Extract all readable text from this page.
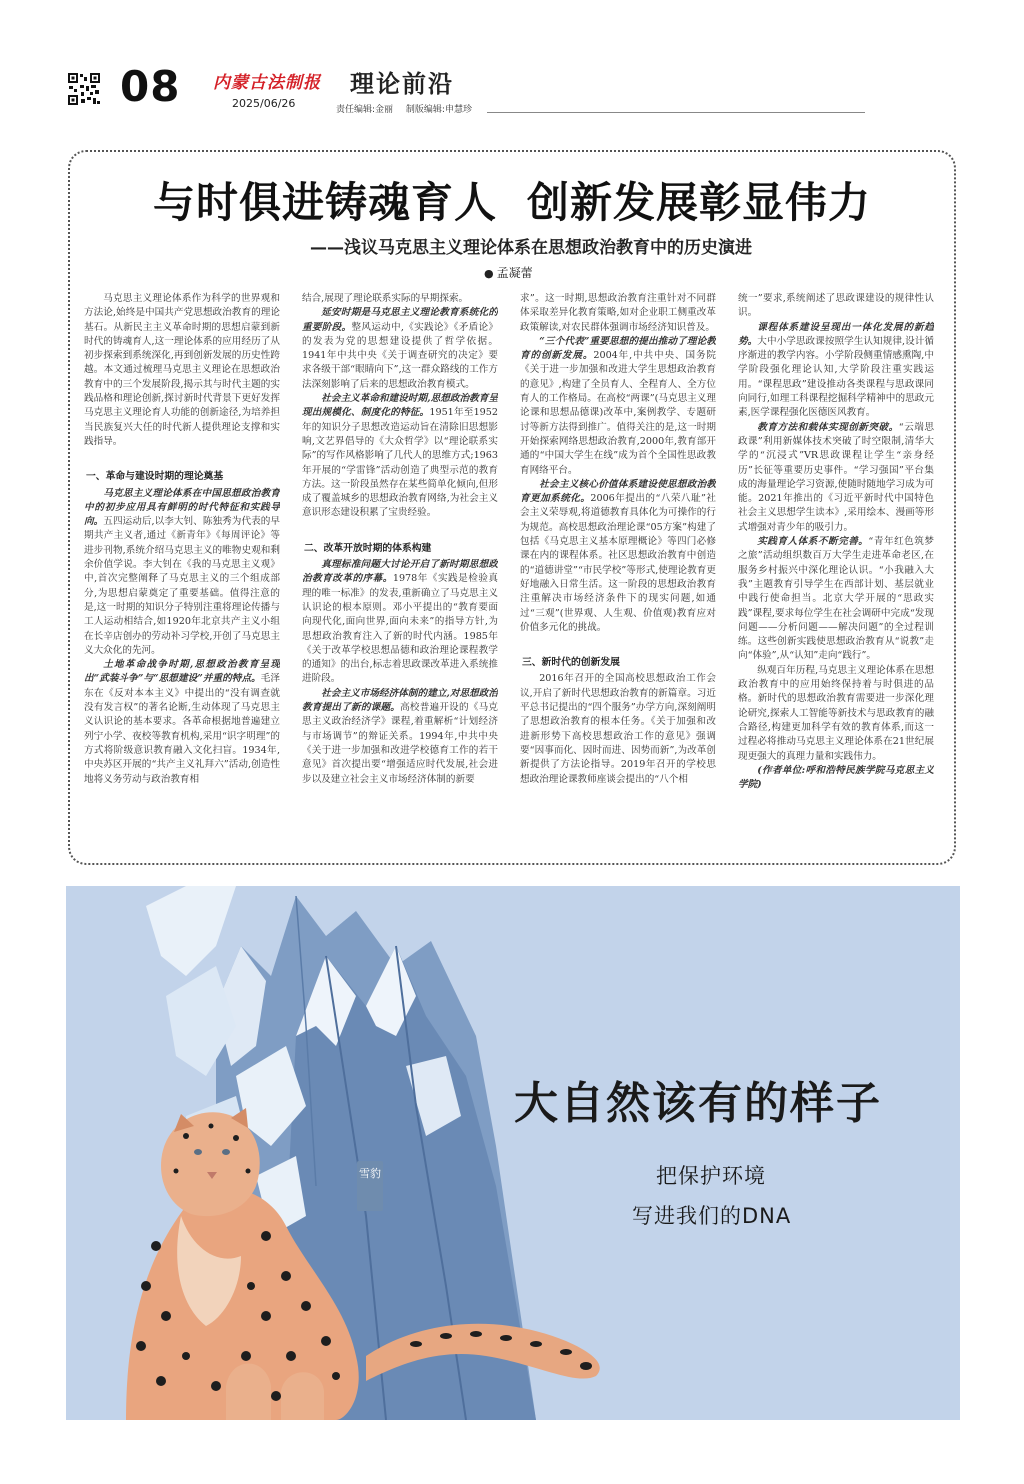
08 内蒙古法制报
2025/06/26
理论前沿
责任编辑:金丽 制版编辑:申慧珍
与时俱进铸魂育人 创新发展彰显伟力
——浅议马克思主义理论体系在思想政治教育中的历史演进
● 孟凝蕾

马克思主义理论体系作为科学的世界观和方法论,始终是中国共产党思想政治教育的理论基石。从新民主主义革命时期的思想启蒙到新时代的铸魂育人,这一理论体系的应用经历了从初步探索到系统深化,再到创新发展的历史性跨越。本文通过梳理马克思主义理论在思想政治教育中的三个发展阶段,揭示其与时代主题的实践品格和理论创新,探讨新时代背景下更好发挥马克思主义理论育人功能的创新途径,为培养担当民族复兴大任的时代新人提供理论支撑和实践指导。

一、革命与建设时期的理论奠基

马克思主义理论体系在中国思想政治教育中的初步应用具有鲜明的时代特征和实践导向。五四运动后,以李大钊、陈独秀为代表的早期共产主义者,通过《新青年》《每周评论》等进步刊物,系统介绍马克思主义的唯物史观和剩余价值学说。李大钊在《我的马克思主义观》中,首次完整阐释了马克思主义的三个组成部分,为思想启蒙奠定了重要基础。值得注意的是,这一时期的知识分子特别注重将理论传播与工人运动相结合,如1920年北京共产主义小组在长辛店创办的劳动补习学校,开创了马克思主义大众化的先河。

土地革命战争时期,思想政治教育呈现出“武装斗争”与“思想建设”并重的特点。毛泽东在《反对本本主义》中提出的“没有调查就没有发言权”的著名论断,生动体现了马克思主义认识论的基本要求。各革命根据地普遍建立列宁小学、夜校等教育机构,采用“识字明理”的方式将阶级意识教育融入文化扫盲。1934年,中央苏区开展的“共产主义礼拜六”活动,创造性地将义务劳动与政治教育相

结合,展现了理论联系实际的早期探索。

延安时期是马克思主义理论教育系统化的重要阶段。整风运动中,《实践论》《矛盾论》的发表为党的思想建设提供了哲学依据。1941年中共中央《关于调查研究的决定》要求各级干部“眼睛向下”,这一群众路线的工作方法深刻影响了后来的思想政治教育模式。

社会主义革命和建设时期,思想政治教育呈现出规模化、制度化的特征。1951年至1952年的知识分子思想改造运动旨在清除旧思想影响,文艺界倡导的《大众哲学》以“理论联系实际”的写作风格影响了几代人的思维方式;1963年开展的“学雷锋”活动创造了典型示范的教育方法。这一阶段虽然存在某些简单化倾向,但形成了覆盖城乡的思想政治教育网络,为社会主义意识形态建设积累了宝贵经验。

二、改革开放时期的体系构建

真理标准问题大讨论开启了新时期思想政治教育改革的序幕。1978年《实践是检验真理的唯一标准》的发表,重新确立了马克思主义认识论的根本原则。邓小平提出的“教育要面向现代化,面向世界,面向未来”的指导方针,为思想政治教育注入了新的时代内涵。1985年《关于改革学校思想品德和政治理论课程教学的通知》的出台,标志着思政课改革进入系统推进阶段。

社会主义市场经济体制的建立,对思想政治教育提出了新的课题。高校普遍开设的《马克思主义政治经济学》课程,着重解析“计划经济与市场调节”的辩证关系。1994年,中共中央《关于进一步加强和改进学校德育工作的若干意见》首次提出要“增强适应时代发展,社会进步以及建立社会主义市场经济体制的新要

求”。这一时期,思想政治教育注重针对不同群体采取差异化教育策略,如对企业职工侧重改革政策解读,对农民群体强调市场经济知识普及。

“三个代表”重要思想的提出推动了理论教育的创新发展。2004年,中共中央、国务院《关于进一步加强和改进大学生思想政治教育的意见》,构建了全员育人、全程育人、全方位育人的工作格局。在高校“两课”(马克思主义理论课和思想品德课)改革中,案例教学、专题研讨等新方法得到推广。值得关注的是,这一时期开始探索网络思想政治教育,2000年,教育部开通的“中国大学生在线”成为首个全国性思政教育网络平台。

社会主义核心价值体系建设使思想政治教育更加系统化。2006年提出的“八荣八耻”社会主义荣辱观,将道德教育具体化为可操作的行为规范。高校思想政治理论课“05方案”构建了包括《马克思主义基本原理概论》等四门必修课在内的课程体系。社区思想政治教育中创造的“道德讲堂”“市民学校”等形式,使理论教育更好地融入日常生活。这一阶段的思想政治教育注重解决市场经济条件下的现实问题,如通过“三观”(世界观、人生观、价值观)教育应对价值多元化的挑战。

三、新时代的创新发展

2016年召开的全国高校思想政治工作会议,开启了新时代思想政治教育的新篇章。习近平总书记提出的“四个服务”办学方向,深刻阐明了思想政治教育的根本任务。《关于加强和改进新形势下高校思想政治工作的意见》强调要“因事而化、因时而进、因势而新”,为改革创新提供了方法论指导。2019年召开的学校思想政治理论课教师座谈会提出的“八个相

统一”要求,系统阐述了思政课建设的规律性认识。

课程体系建设呈现出一体化发展的新趋势。大中小学思政课按照学生认知规律,设计循序渐进的教学内容。小学阶段侧重情感熏陶,中学阶段强化理论认知,大学阶段注重实践运用。“课程思政”建设推动各类课程与思政课同向同行,如理工科课程挖掘科学精神中的思政元素,医学课程强化医德医风教育。

教育方法和载体实现创新突破。“云端思政课”利用新媒体技术突破了时空限制,清华大学的“沉浸式”VR思政课程让学生“亲身经历”长征等重要历史事件。“学习强国”平台集成的海量理论学习资源,使随时随地学习成为可能。2021年推出的《习近平新时代中国特色社会主义思想学生读本》,采用绘本、漫画等形式增强对青少年的吸引力。

实践育人体系不断完善。“青年红色筑梦之旅”活动组织数百万大学生走进革命老区,在服务乡村振兴中深化理论认识。“小我融入大我”主题教育引导学生在西部计划、基层就业中践行使命担当。北京大学开展的“思政实践”课程,要求每位学生在社会调研中完成“发现问题——分析问题——解决问题”的全过程训练。这些创新实践使思想政治教育从“说教”走向“体验”,从“认知”走向“践行”。

纵观百年历程,马克思主义理论体系在思想政治教育中的应用始终保持着与时俱进的品格。新时代的思想政治教育需要进一步深化理论研究,探索人工智能等新技术与思政教育的融合路径,构建更加科学有效的教育体系,而这一过程必将推动马克思主义理论体系在21世纪展现更强大的真理力量和实践伟力。

(作者单位:呼和浩特民族学院马克思主义学院)

雪豹
大自然该有的样子
把保护环境
写进我们的DNA
